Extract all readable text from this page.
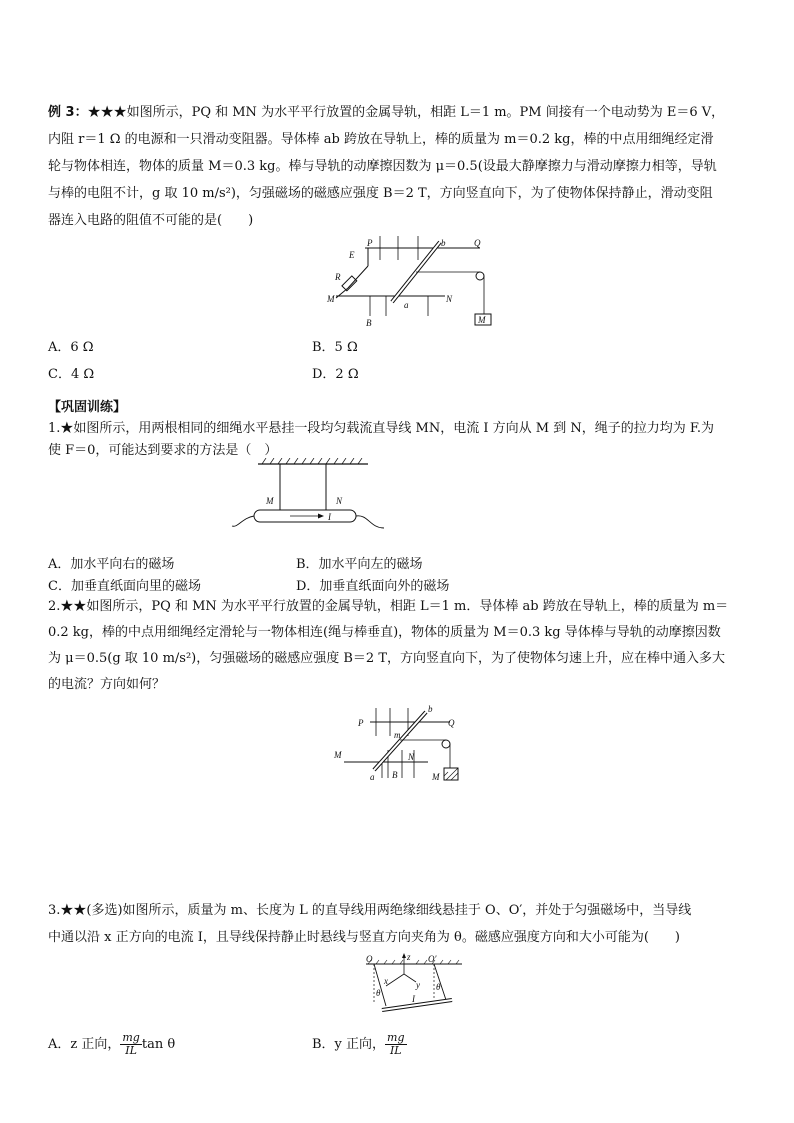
例 3：★★★如图所示，PQ 和 MN 为水平平行放置的金属导轨，相距 L＝1 m。PM 间接有一个电动势为 E＝6 V，
内阻 r＝1 Ω 的电源和一只滑动变阻器。导体棒 ab 跨放在导轨上，棒的质量为 m＝0.2 kg，棒的中点用细绳经定滑
轮与物体相连，物体的质量 M＝0.3 kg。棒与导轨的动摩擦因数为 μ＝0.5(设最大静摩擦力与滑动摩擦力相等，导轨
与棒的电阻不计，g 取 10 m/s²)，匀强磁场的磁感应强度 B＝2 T，方向竖直向下，为了使物体保持静止，滑动变阻
器连入电路的阻值不可能的是(　　)
E
P	b	Q
R
M
a
N
B	M
A．6 Ω	B．5 Ω
C．4 Ω	D．2 Ω
【巩固训练】
1.★如图所示，用两根相同的细绳水平悬挂一段均匀载流直导线 MN，电流 I 方向从 M 到 N，绳子的拉力均为 F.为
使 F＝0，可能达到要求的方法是（　）
M	N
I
A．加水平向右的磁场	B．加水平向左的磁场
C．加垂直纸面向里的磁场	D．加垂直纸面向外的磁场
2.★★如图所示，PQ 和 MN 为水平平行放置的金属导轨，相距 L＝1 m．导体棒 ab 跨放在导轨上，棒的质量为 m＝
0.2 kg，棒的中点用细绳经定滑轮与一物体相连(绳与棒垂直)，物体的质量为 M＝0.3 kg 导体棒与导轨的动摩擦因数
为 μ＝0.5(g 取 10 m/s²)，匀强磁场的磁感应强度 B＝2 T，方向竖直向下，为了使物体匀速上升，应在棒中通入多大
的电流？方向如何？
P
b
Q
m
M	N
a B	M
3.★★(多选)如图所示，质量为 m、长度为 L 的直导线用两绝缘细线悬挂于 O、O′，并处于匀强磁场中，当导线
中通以沿 x 正方向的电流 I，且导线保持静止时悬线与竖直方向夹角为 θ。磁感应强度方向和大小可能为(　　)
O	z O′
x	y
θ
θ
I
A．z 正向， $\frac{mg}{IL}$ tan θ	B．y 正向， $\frac{mg}{IL}$
